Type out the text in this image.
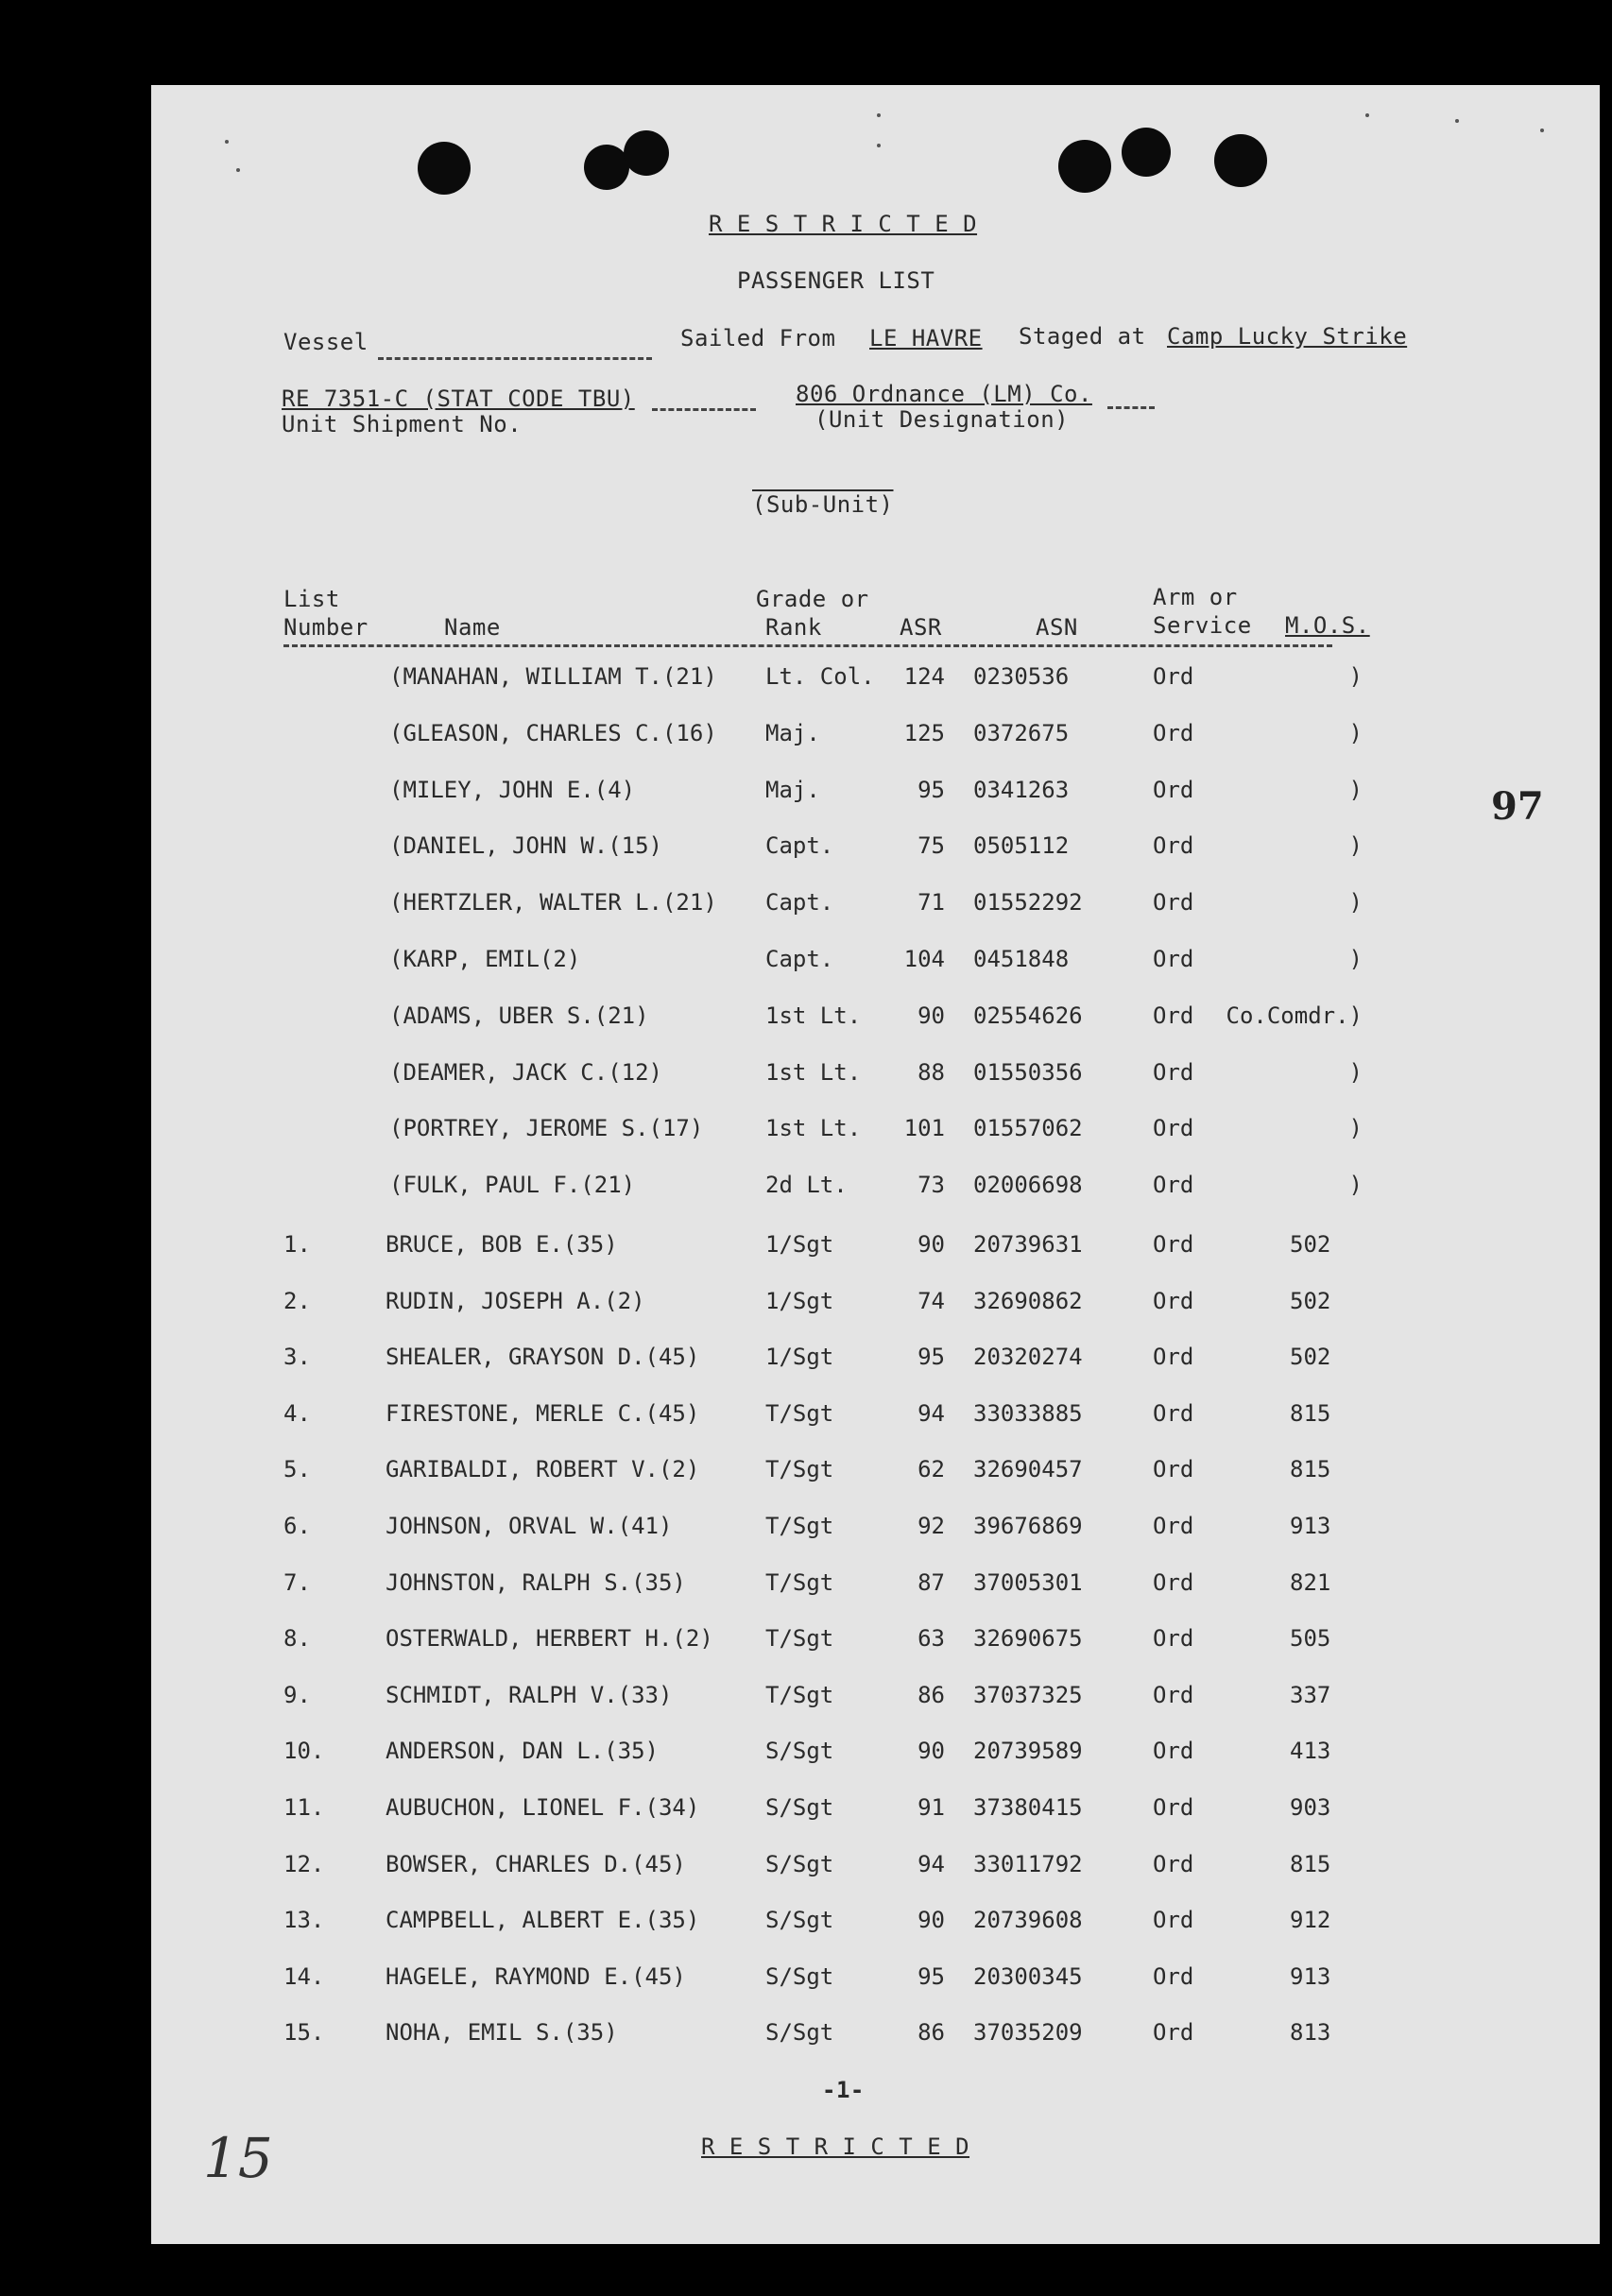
R E S T R I C T E D
PASSENGER LIST
Vessel	Sailed From LE HAVRE Staged at Camp Lucky Strike
RE 7351-C (STAT CODE TBU)
Unit Shipment No.
806 Ordnance (LM) Co.
(Unit Designation)
(Sub-Unit)
List
Number	Name
Grade or
Rank	ASR	ASN
Arm or
Service M.O.S.
(MANAHAN, WILLIAM T.(21) Lt. Col.	124 0230536	Ord	)
(GLEASON, CHARLES C.(16) Maj.	125 0372675	Ord	)
(MILEY, JOHN E.(4)	Maj.	95 0341263	Ord	)
(DANIEL, JOHN W.(15)	Capt.	75 0505112	Ord	)
(HERTZLER, WALTER L.(21) Capt.	71 01552292	Ord	)
(KARP, EMIL(2)	Capt.	104 0451848	Ord	)
(ADAMS, UBER S.(21)	1st Lt.	90 02554626	Ord	Co.Comdr.)
(DEAMER, JACK C.(12)	1st Lt.	88 01550356	Ord	)
(PORTREY, JEROME S.(17)	1st Lt.	101 01557062	Ord	)
(FULK, PAUL F.(21)	2d Lt.	73 02006698	Ord	)
1.	BRUCE, BOB E.(35)	1/Sgt	90 20739631	Ord	502
2.	RUDIN, JOSEPH A.(2)	1/Sgt	74 32690862	Ord	502
3.	SHEALER, GRAYSON D.(45)	1/Sgt	95 20320274	Ord	502
4.	FIRESTONE, MERLE C.(45)	T/Sgt	94 33033885	Ord	815
5.	GARIBALDI, ROBERT V.(2)	T/Sgt	62 32690457	Ord	815
6.	JOHNSON, ORVAL W.(41)	T/Sgt	92 39676869	Ord	913
7.	JOHNSTON, RALPH S.(35)	T/Sgt	87 37005301	Ord	821
8.	OSTERWALD, HERBERT H.(2) T/Sgt	63 32690675	Ord	505
9.	SCHMIDT, RALPH V.(33)	T/Sgt	86 37037325	Ord	337
10.	ANDERSON, DAN L.(35)	S/Sgt	90 20739589	Ord	413
11.	AUBUCHON, LIONEL F.(34)	S/Sgt	91 37380415	Ord	903
12.	BOWSER, CHARLES D.(45)	S/Sgt	94 33011792	Ord	815
13.	CAMPBELL, ALBERT E.(35)	S/Sgt	90 20739608	Ord	912
14.	HAGELE, RAYMOND E.(45)	S/Sgt	95 20300345	Ord	913
15.	NOHA, EMIL S.(35)	S/Sgt	86 37035209	Ord	813
-1-
R E S T R I C T E D
97
15
